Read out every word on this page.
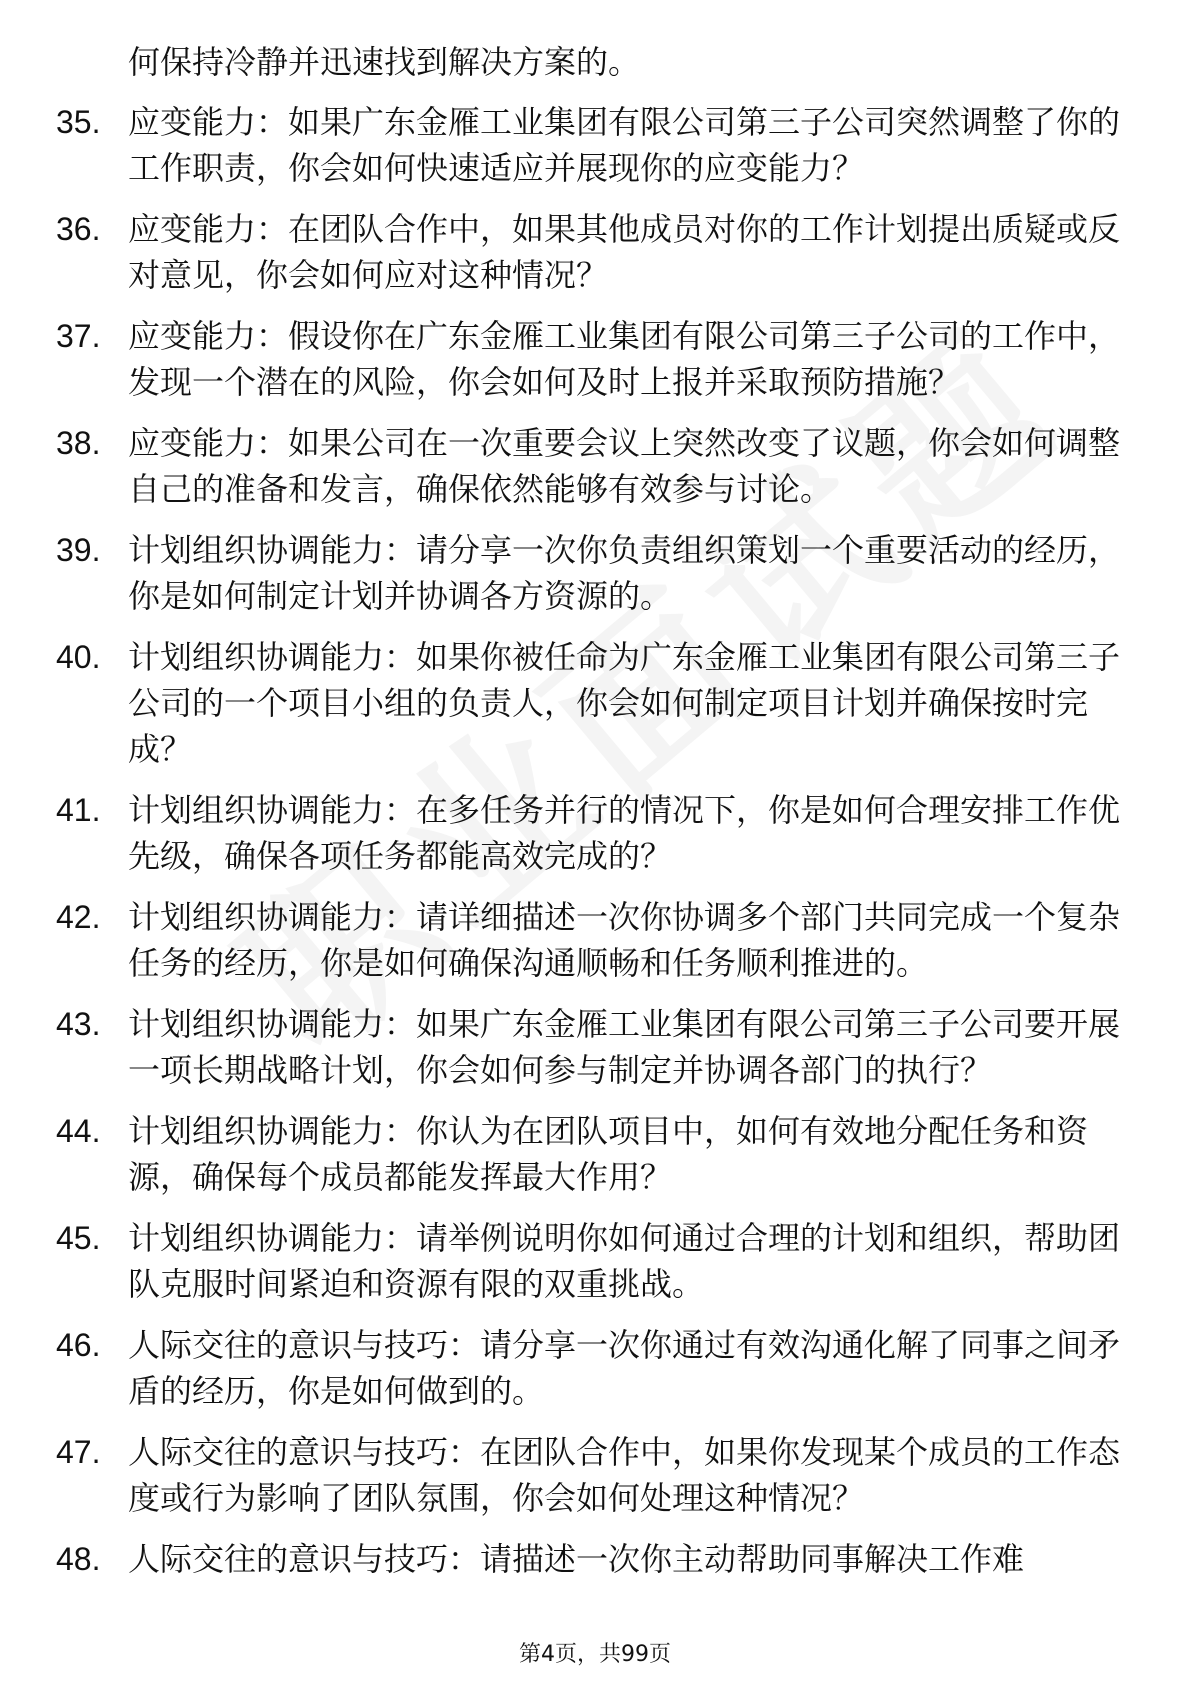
何保持冷静并迅速找到解决方案的。
35. 应变能力：如果广东金雁工业集团有限公司第三子公司突然调整了你的工作职责，你会如何快速适应并展现你的应变能力？
36. 应变能力：在团队合作中，如果其他成员对你的工作计划提出质疑或反对意见，你会如何应对这种情况？
37. 应变能力：假设你在广东金雁工业集团有限公司第三子公司的工作中，发现一个潜在的风险，你会如何及时上报并采取预防措施？
38. 应变能力：如果公司在一次重要会议上突然改变了议题，你会如何调整自己的准备和发言，确保依然能够有效参与讨论。
39. 计划组织协调能力：请分享一次你负责组织策划一个重要活动的经历，你是如何制定计划并协调各方资源的。
40. 计划组织协调能力：如果你被任命为广东金雁工业集团有限公司第三子公司的一个项目小组的负责人，你会如何制定项目计划并确保按时完成？
41. 计划组织协调能力：在多任务并行的情况下，你是如何合理安排工作优先级，确保各项任务都能高效完成的？
42. 计划组织协调能力：请详细描述一次你协调多个部门共同完成一个复杂任务的经历，你是如何确保沟通顺畅和任务顺利推进的。
43. 计划组织协调能力：如果广东金雁工业集团有限公司第三子公司要开展一项长期战略计划，你会如何参与制定并协调各部门的执行？
44. 计划组织协调能力：你认为在团队项目中，如何有效地分配任务和资源，确保每个成员都能发挥最大作用？
45. 计划组织协调能力：请举例说明你如何通过合理的计划和组织，帮助团队克服时间紧迫和资源有限的双重挑战。
46. 人际交往的意识与技巧：请分享一次你通过有效沟通化解了同事之间矛盾的经历，你是如何做到的。
47. 人际交往的意识与技巧：在团队合作中，如果你发现某个成员的工作态度或行为影响了团队氛围，你会如何处理这种情况？
48. 人际交往的意识与技巧：请描述一次你主动帮助同事解决工作难
第4页，共99页
